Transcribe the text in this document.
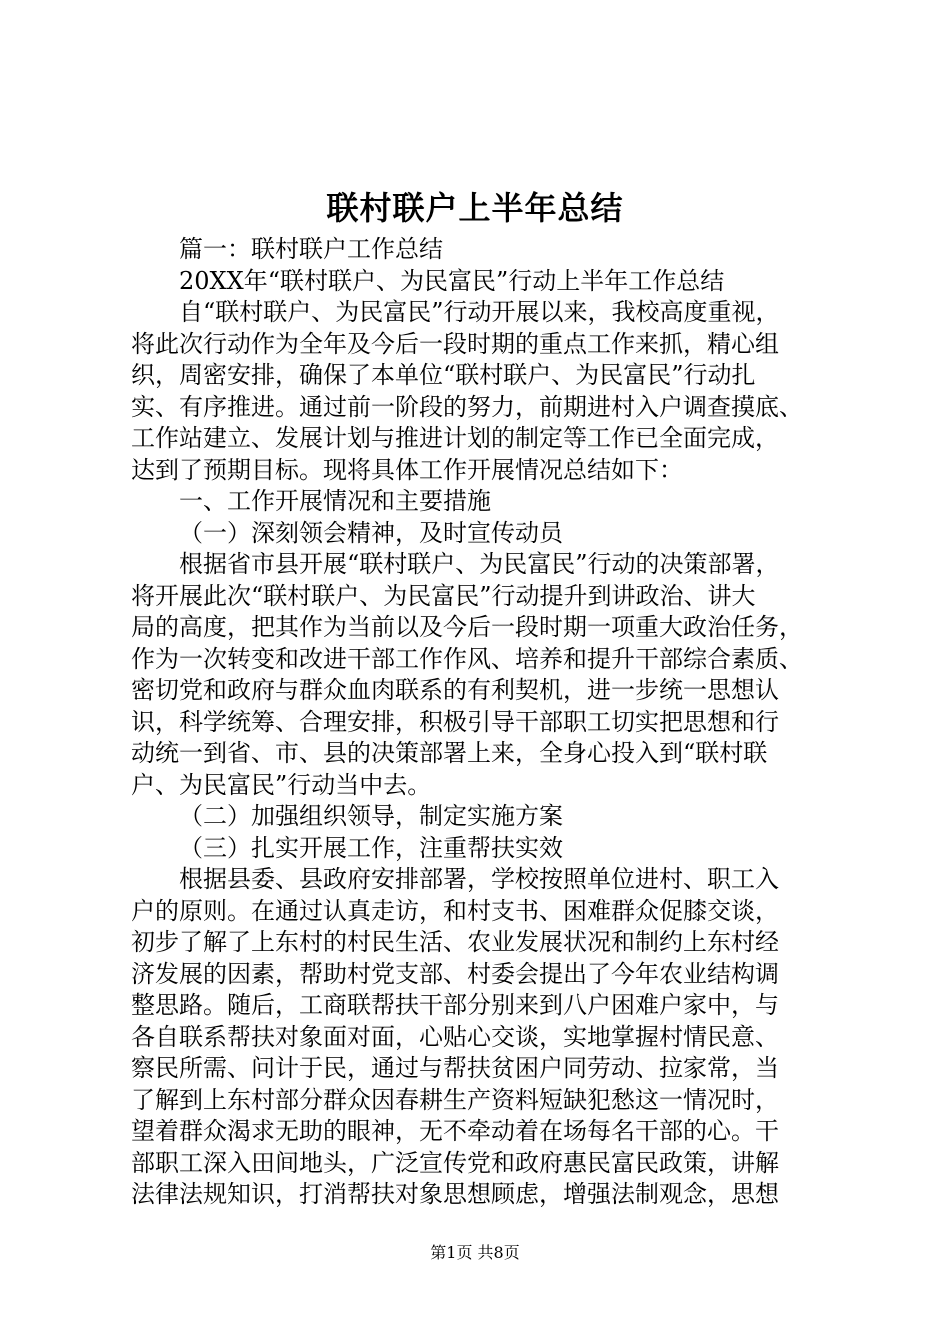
联村联户上半年总结
篇一：联村联户工作总结
20XX年“联村联户、为民富民”行动上半年工作总结
自“联村联户、为民富民”行动开展以来，我校高度重视，
将此次行动作为全年及今后一段时期的重点工作来抓，精心组
织，周密安排，确保了本单位“联村联户、为民富民”行动扎
实、有序推进。通过前一阶段的努力，前期进村入户调查摸底、
工作站建立、发展计划与推进计划的制定等工作已全面完成，
达到了预期目标。现将具体工作开展情况总结如下：
一、工作开展情况和主要措施
（一）深刻领会精神，及时宣传动员
根据省市县开展“联村联户、为民富民”行动的决策部署，
将开展此次“联村联户、为民富民”行动提升到讲政治、讲大
局的高度，把其作为当前以及今后一段时期一项重大政治任务，
作为一次转变和改进干部工作作风、培养和提升干部综合素质、
密切党和政府与群众血肉联系的有利契机，进一步统一思想认
识，科学统筹、合理安排，积极引导干部职工切实把思想和行
动统一到省、市、县的决策部署上来，全身心投入到“联村联
户、为民富民”行动当中去。
（二）加强组织领导，制定实施方案
（三）扎实开展工作，注重帮扶实效
根据县委、县政府安排部署，学校按照单位进村、职工入
户的原则。在通过认真走访，和村支书、困难群众促膝交谈，
初步了解了上东村的村民生活、农业发展状况和制约上东村经
济发展的因素，帮助村党支部、村委会提出了今年农业结构调
整思路。随后，工商联帮扶干部分别来到八户困难户家中，与
各自联系帮扶对象面对面，心贴心交谈，实地掌握村情民意、
察民所需、问计于民，通过与帮扶贫困户同劳动、拉家常，当
了解到上东村部分群众因春耕生产资料短缺犯愁这一情况时，
望着群众渴求无助的眼神，无不牵动着在场每名干部的心。干
部职工深入田间地头，广泛宣传党和政府惠民富民政策，讲解
法律法规知识，打消帮扶对象思想顾虑，增强法制观念，思想
第1页 共8页
